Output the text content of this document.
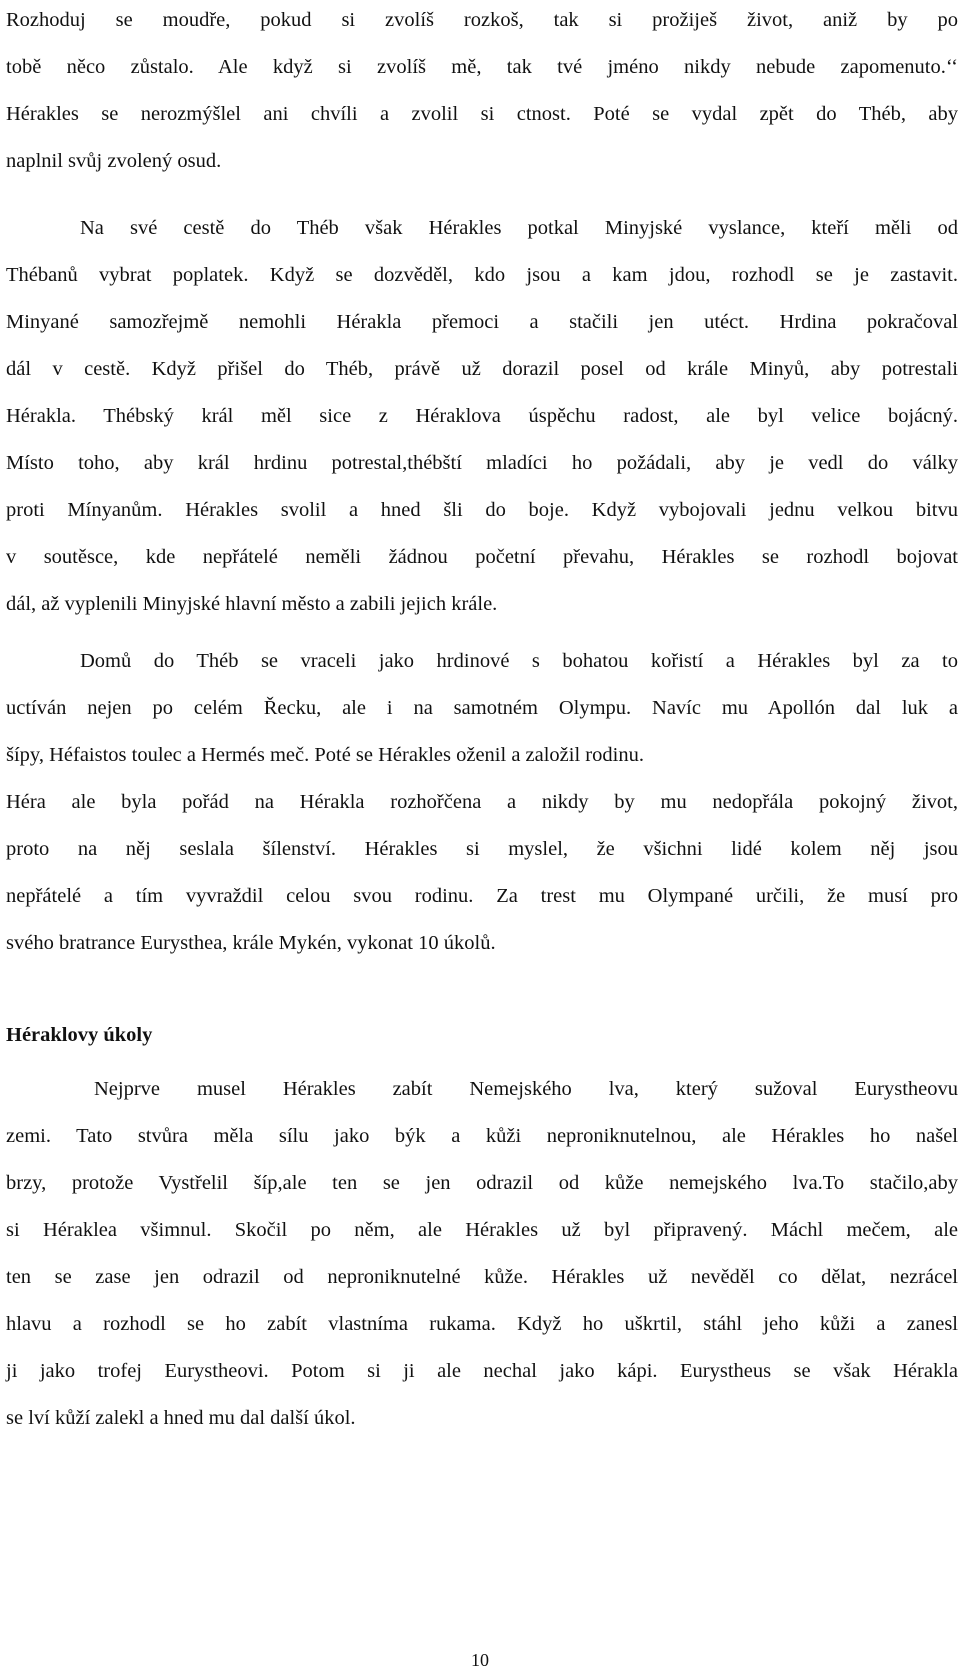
Rozhoduj se moudře, pokud si zvolíš rozkoš, tak si prožiješ život, aniž by po
tobě něco zůstalo. Ale když si zvolíš mě, tak tvé jméno nikdy nebude zapomenuto.‘‘
Hérakles se nerozmýšlel ani chvíli a zvolil si ctnost. Poté se vydal zpět do Théb, aby
naplnil svůj zvolený osud.
Na své cestě do Théb však Hérakles potkal Minyjské vyslance, kteří měli od
Thébanů vybrat poplatek. Když se dozvěděl, kdo jsou a kam jdou, rozhodl se je zastavit.
Minyané samozřejmě nemohli Hérakla přemoci a stačili jen utéct. Hrdina pokračoval
dál v cestě. Když přišel do Théb, právě už dorazil posel od krále Minyů, aby potrestali
Hérakla. Thébský král měl sice z Héraklova úspěchu radost, ale byl velice bojácný.
Místo toho, aby král hrdinu potrestal,thébští mladíci ho požádali, aby je vedl do války
proti Mínyanům. Hérakles svolil a hned šli do boje. Když vybojovali jednu velkou bitvu
v soutěsce, kde nepřátelé neměli žádnou početní převahu, Hérakles se rozhodl bojovat
dál, až vyplenili Minyjské hlavní město a zabili jejich krále.
Domů do Théb se vraceli jako hrdinové s bohatou kořistí a Hérakles byl za to
uctíván nejen po celém Řecku, ale i na samotném Olympu. Navíc mu Apollón dal luk a
šípy, Héfaistos toulec a Hermés meč. Poté se Hérakles oženil a založil rodinu.
Héra ale byla pořád na Hérakla rozhořčena a nikdy by mu nedopřála pokojný život,
proto na něj seslala šílenství. Hérakles si myslel, že všichni lidé kolem něj jsou
nepřátelé a tím vyvraždil celou svou rodinu. Za trest mu Olympané určili, že musí pro
svého bratrance Eurysthea, krále Mykén, vykonat 10 úkolů.
Héraklovy úkoly
Nejprve musel Hérakles zabít Nemejského lva, který sužoval Eurystheovu
zemi. Tato stvůra měla sílu jako býk a kůži neproniknutelnou, ale Hérakles ho našel
brzy, protože Vystřelil šíp,ale ten se jen odrazil od kůže nemejského lva.To stačilo,aby
si Hérakleа všimnul. Skočil po něm, ale Hérakles už byl připravený. Máchl mečem, ale
ten se zase jen odrazil od neproniknutelné kůže. Hérakles už nevěděl co dělat, nezrácel
hlavu a rozhodl se ho zabít vlastníma rukama. Když ho uškrtil, stáhl jeho kůži a zanesl
ji jako trofej Eurystheovi. Potom si ji ale nechal jako kápi. Eurystheus se však Hérakla
se lví kůží zalekl a hned mu dal další úkol.
10
